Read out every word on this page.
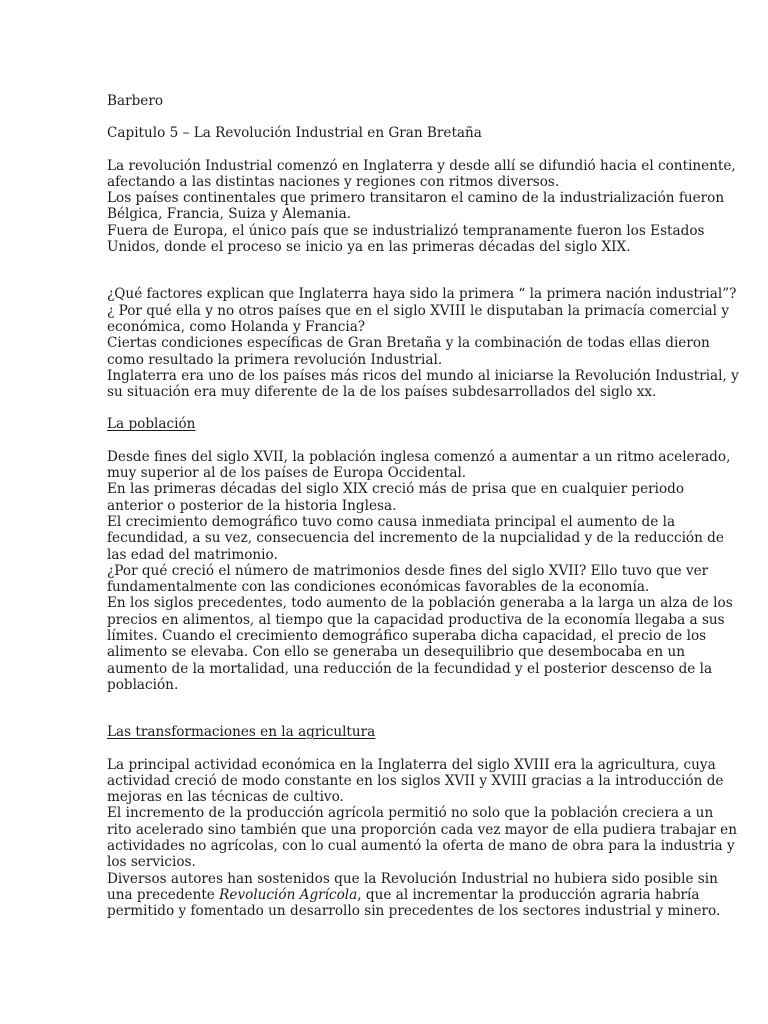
Barbero

Capitulo 5 – La Revolución Industrial en Gran Bretaña

La revolución Industrial comenzó en Inglaterra y desde allí se difundió hacia el continente,

afectando a las distintas naciones y regiones con ritmos diversos.

Los países continentales que primero transitaron el camino de la industrialización fueron

Bélgica, Francia, Suiza y Alemania.

Fuera de Europa, el único país que se industrializó tempranamente fueron los Estados

Unidos, donde el proceso se inicio ya en las primeras décadas del siglo XIX.

¿Qué factores explican que Inglaterra haya sido la primera “ la primera nación industrial”?

¿ Por qué ella y no otros países que en el siglo XVIII le disputaban la primacía comercial y

económica, como Holanda y Francia?

Ciertas condiciones específicas de Gran Bretaña y la combinación de todas ellas dieron

como resultado la primera revolución Industrial.

Inglaterra era uno de los países más ricos del mundo al iniciarse la Revolución Industrial, y

su situación era muy diferente de la de los países subdesarrollados del siglo xx.

La población

Desde fines del siglo XVII, la población inglesa comenzó a aumentar a un ritmo acelerado,

muy superior al de los países de Europa Occidental.

En las primeras décadas del siglo XIX creció más de prisa que en cualquier periodo

anterior o posterior de la historia Inglesa.

El crecimiento demográfico tuvo como causa inmediata principal el aumento de la

fecundidad, a su vez, consecuencia del incremento de la nupcialidad y de la reducción de

las edad del matrimonio.

¿Por qué creció el número de matrimonios desde fines del siglo XVII? Ello tuvo que ver

fundamentalmente con las condiciones económicas favorables de la economía.

En los siglos precedentes, todo aumento de la población generaba a la larga un alza de los

precios en alimentos, al tiempo que la capacidad productiva de la economía llegaba a sus

límites. Cuando el crecimiento demográfico superaba dicha capacidad, el precio de los

alimento se elevaba. Con ello se generaba un desequilibrio que desembocaba en un

aumento de la mortalidad, una reducción de la fecundidad y el posterior descenso de la

población.

Las transformaciones en la agricultura

La principal actividad económica en la Inglaterra del siglo XVIII era la agricultura, cuya

actividad creció de modo constante en los siglos XVII y XVIII gracias a la introducción de

mejoras en las técnicas de cultivo.

El incremento de la producción agrícola permitió no solo que la población creciera a un

rito acelerado sino también que una proporción cada vez mayor de ella pudiera trabajar en

actividades no agrícolas, con lo cual aumentó la oferta de mano de obra para la industria y

los servicios.

Diversos autores han sostenidos que la Revolución Industrial no hubiera sido posible sin

una precedente Revolución Agrícola, que al incrementar la producción agraria habría

permitido y fomentado un desarrollo sin precedentes de los sectores industrial y minero.
